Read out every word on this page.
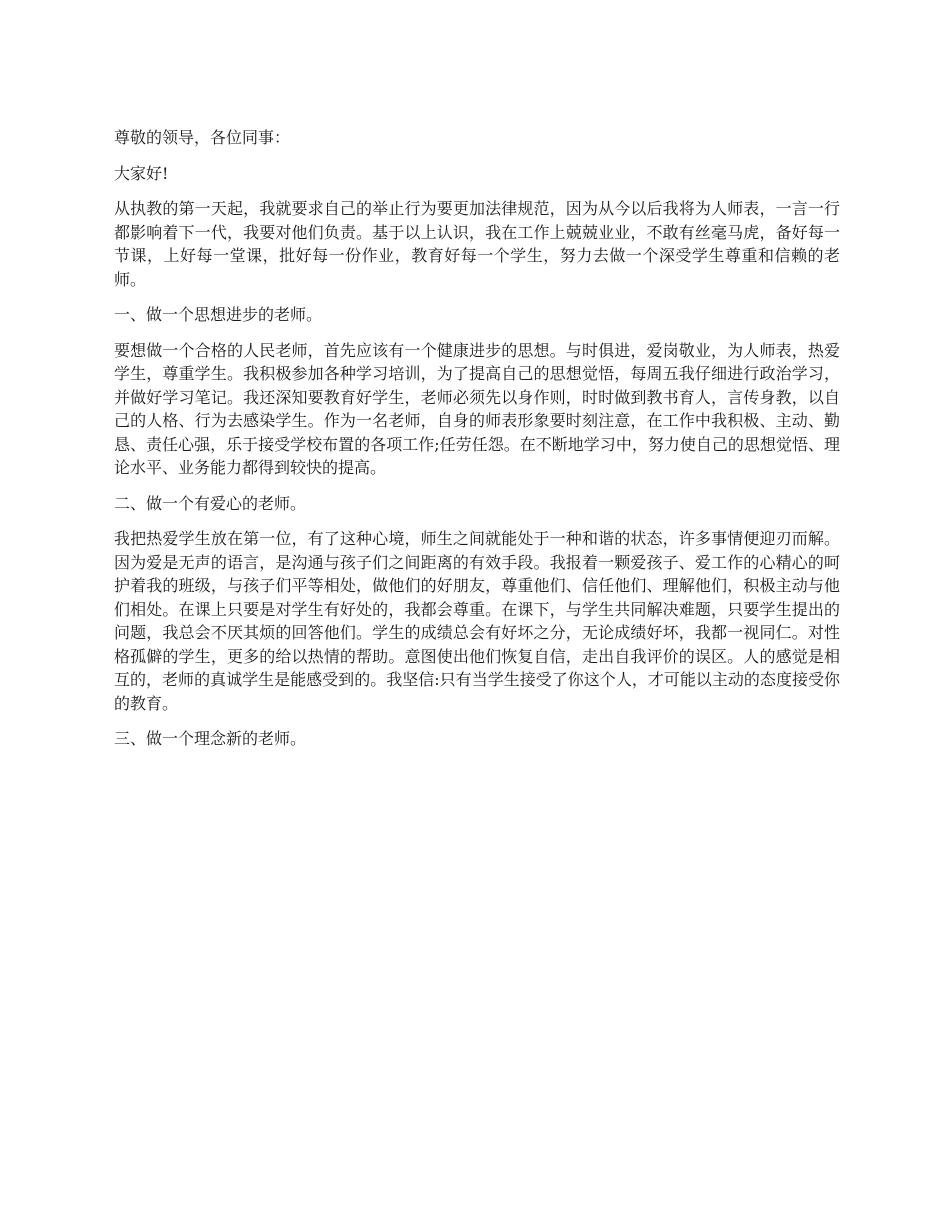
尊敬的领导，各位同事：

大家好!

从执教的第一天起，我就要求自己的举止行为要更加法律规范，因为从今以后我将为人师表，一言一行都影响着下一代，我要对他们负责。基于以上认识，我在工作上兢兢业业，不敢有丝毫马虎，备好每一节课，上好每一堂课，批好每一份作业，教育好每一个学生，努力去做一个深受学生尊重和信赖的老师。

一、做一个思想进步的老师。

要想做一个合格的人民老师，首先应该有一个健康进步的思想。与时俱进，爱岗敬业，为人师表，热爱学生，尊重学生。我积极参加各种学习培训，为了提高自己的思想觉悟，每周五我仔细进行政治学习，并做好学习笔记。我还深知要教育好学生，老师必须先以身作则，时时做到教书育人，言传身教，以自己的人格、行为去感染学生。作为一名老师，自身的师表形象要时刻注意，在工作中我积极、主动、勤恳、责任心强，乐于接受学校布置的各项工作;任劳任怨。在不断地学习中，努力使自己的思想觉悟、理论水平、业务能力都得到较快的提高。

二、做一个有爱心的老师。

我把热爱学生放在第一位，有了这种心境，师生之间就能处于一种和谐的状态，许多事情便迎刃而解。因为爱是无声的语言，是沟通与孩子们之间距离的有效手段。我报着一颗爱孩子、爱工作的心精心的呵护着我的班级，与孩子们平等相处，做他们的好朋友，尊重他们、信任他们、理解他们，积极主动与他们相处。在课上只要是对学生有好处的，我都会尊重。在课下，与学生共同解决难题，只要学生提出的问题，我总会不厌其烦的回答他们。学生的成绩总会有好坏之分，无论成绩好坏，我都一视同仁。对性格孤僻的学生，更多的给以热情的帮助。意图使出他们恢复自信，走出自我评价的误区。人的感觉是相互的，老师的真诚学生是能感受到的。我坚信:只有当学生接受了你这个人，才可能以主动的态度接受你的教育。

三、做一个理念新的老师。
